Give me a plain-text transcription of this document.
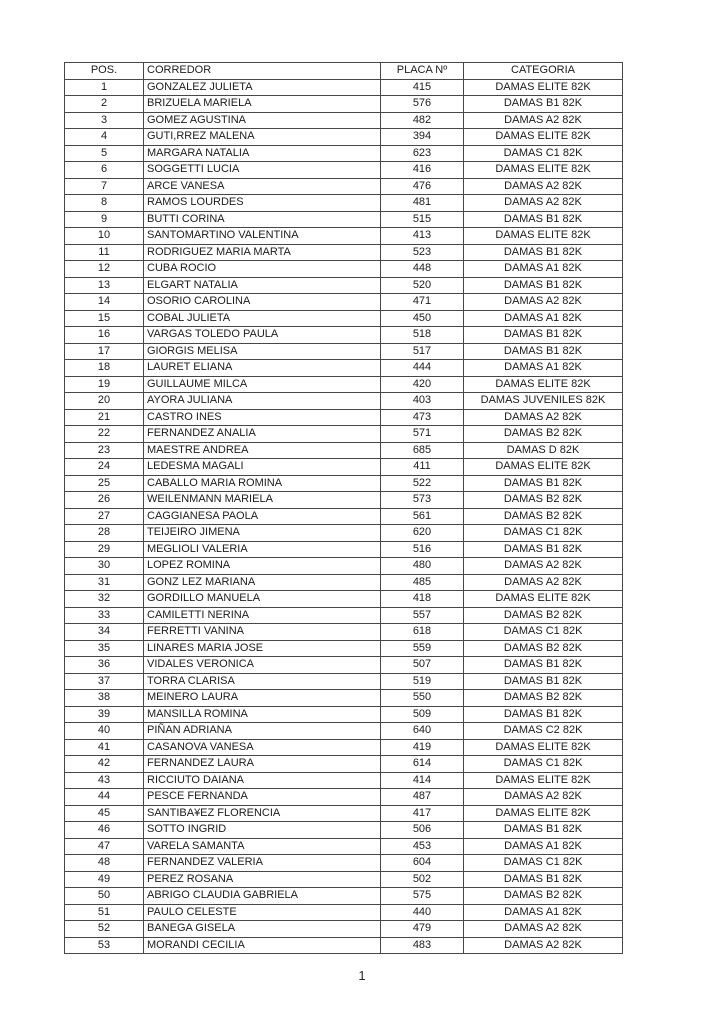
POS.	CORREDOR	PLACA Nº	CATEGORIA
1	GONZALEZ JULIETA	415	DAMAS ELITE 82K
2	BRIZUELA MARIELA	576	DAMAS B1 82K
3	GOMEZ AGUSTINA	482	DAMAS A2 82K
4	GUTI,RREZ MALENA	394	DAMAS ELITE 82K
5	MARGARA NATALIA	623	DAMAS C1 82K
6	SOGGETTI LUCIA	416	DAMAS ELITE 82K
7	ARCE VANESA	476	DAMAS A2 82K
8	RAMOS LOURDES	481	DAMAS A2 82K
9	BUTTI CORINA	515	DAMAS B1 82K
10	SANTOMARTINO VALENTINA	413	DAMAS ELITE 82K
11	RODRIGUEZ MARIA MARTA	523	DAMAS B1 82K
12	CUBA ROCIO	448	DAMAS A1 82K
13	ELGART NATALIA	520	DAMAS B1 82K
14	OSORIO CAROLINA	471	DAMAS A2 82K
15	COBAL JULIETA	450	DAMAS A1 82K
16	VARGAS TOLEDO PAULA	518	DAMAS B1 82K
17	GIORGIS MELISA	517	DAMAS B1 82K
18	LAURET ELIANA	444	DAMAS A1 82K
19	GUILLAUME MILCA	420	DAMAS ELITE 82K
20	AYORA JULIANA	403	DAMAS JUVENILES 82K
21	CASTRO INES	473	DAMAS A2 82K
22	FERNANDEZ ANALIA	571	DAMAS B2 82K
23	MAESTRE ANDREA	685	DAMAS D 82K
24	LEDESMA MAGALI	411	DAMAS ELITE 82K
25	CABALLO MARIA ROMINA	522	DAMAS B1 82K
26	WEILENMANN MARIELA	573	DAMAS B2 82K
27	CAGGIANESA PAOLA	561	DAMAS B2 82K
28	TEIJEIRO JIMENA	620	DAMAS C1 82K
29	MEGLIOLI VALERIA	516	DAMAS B1 82K
30	LOPEZ ROMINA	480	DAMAS A2 82K
31	GONZ LEZ MARIANA	485	DAMAS A2 82K
32	GORDILLO MANUELA	418	DAMAS ELITE 82K
33	CAMILETTI NERINA	557	DAMAS B2 82K
34	FERRETTI VANINA	618	DAMAS C1 82K
35	LINARES MARIA JOSE	559	DAMAS B2 82K
36	VIDALES VERONICA	507	DAMAS B1 82K
37	TORRA CLARISA	519	DAMAS B1 82K
38	MEINERO LAURA	550	DAMAS B2 82K
39	MANSILLA ROMINA	509	DAMAS B1 82K
40	PIÑAN ADRIANA	640	DAMAS C2 82K
41	CASANOVA VANESA	419	DAMAS ELITE 82K
42	FERNANDEZ LAURA	614	DAMAS C1 82K
43	RICCIUTO DAIANA	414	DAMAS ELITE 82K
44	PESCE FERNANDA	487	DAMAS A2 82K
45	SANTIBA¥EZ FLORENCIA	417	DAMAS ELITE 82K
46	SOTTO INGRID	506	DAMAS B1 82K
47	VARELA SAMANTA	453	DAMAS A1 82K
48	FERNANDEZ VALERIA	604	DAMAS C1 82K
49	PEREZ ROSANA	502	DAMAS B1 82K
50	ABRIGO CLAUDIA GABRIELA	575	DAMAS B2 82K
51	PAULO CELESTE	440	DAMAS A1 82K
52	BANEGA GISELA	479	DAMAS A2 82K
53	MORANDI CECILIA	483	DAMAS A2 82K
1
